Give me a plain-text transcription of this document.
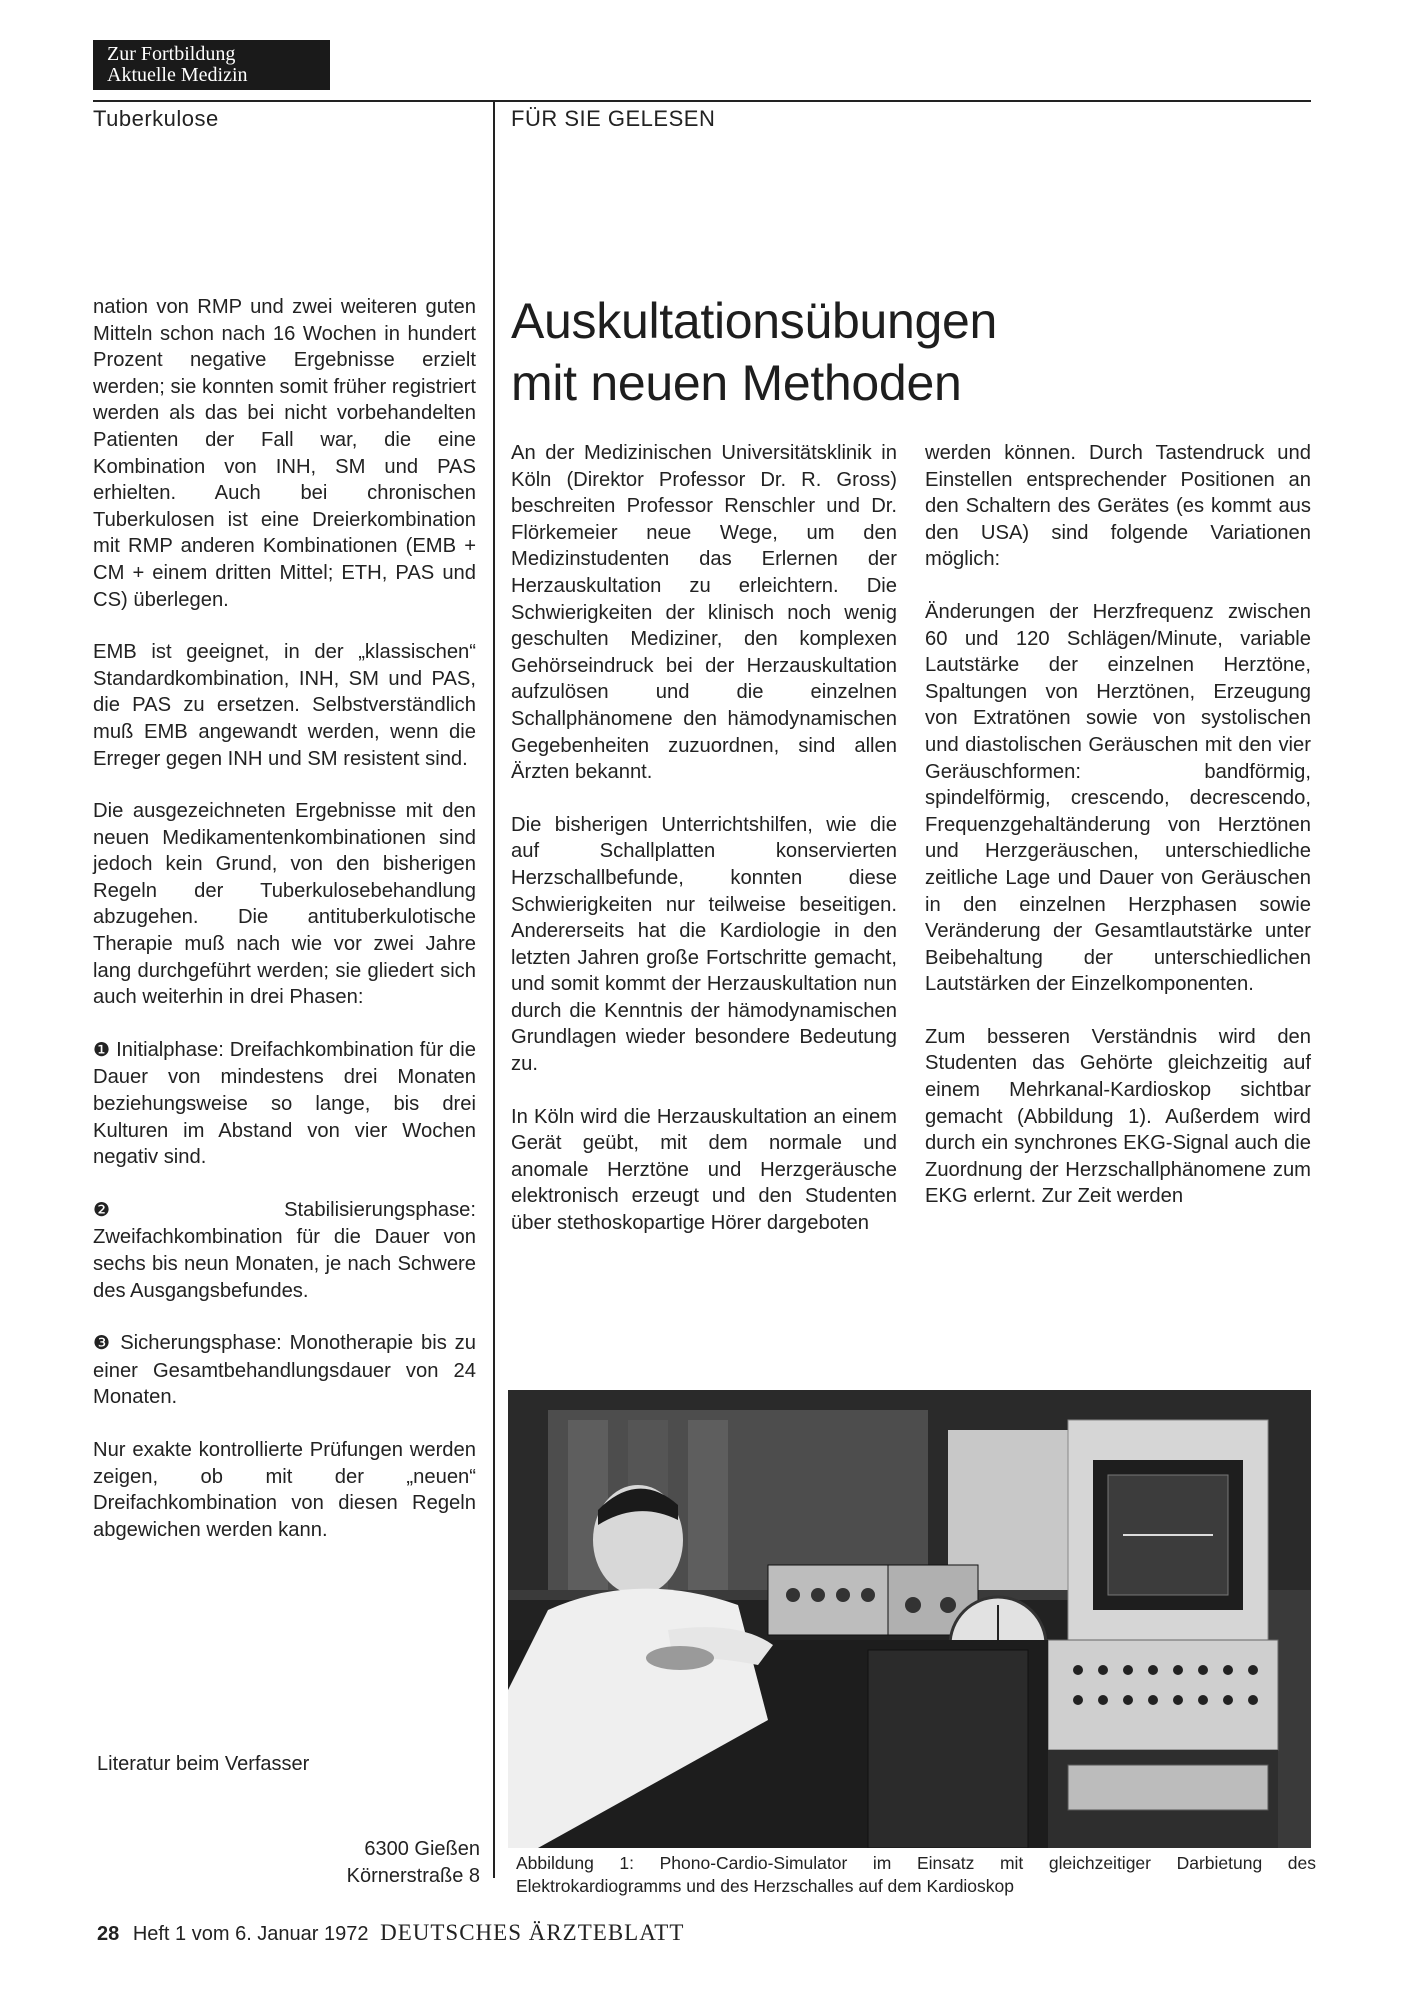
Zur Fortbildung
Aktuelle Medizin
Tuberkulose	FÜR SIE GELESEN

nation von RMP und zwei weiteren guten Mitteln schon nach 16 Wochen in hundert Prozent negative Ergebnisse erzielt werden; sie konnten somit früher registriert werden als das bei nicht vorbehandelten Patienten der Fall war, die eine Kombination von INH, SM und PAS erhielten. Auch bei chronischen Tuberkulosen ist eine Dreierkombination mit RMP anderen Kombinationen (EMB + CM + einem dritten Mittel; ETH, PAS und CS) überlegen.

EMB ist geeignet, in der „klassischen“ Standardkombination, INH, SM und PAS, die PAS zu ersetzen. Selbstverständlich muß EMB angewandt werden, wenn die Erreger gegen INH und SM resistent sind.

Die ausgezeichneten Ergebnisse mit den neuen Medikamentenkombinationen sind jedoch kein Grund, von den bisherigen Regeln der Tuberkulosebehandlung abzugehen. Die antituberkulotische Therapie muß nach wie vor zwei Jahre lang durchgeführt werden; sie gliedert sich auch weiterhin in drei Phasen:

❶ Initialphase: Dreifachkombination für die Dauer von mindestens drei Monaten beziehungsweise so lange, bis drei Kulturen im Abstand von vier Wochen negativ sind.

❷	Stabilisierungsphase: Zweifachkombination für die Dauer von sechs bis neun Monaten, je nach Schwere des Ausgangsbefundes.

❸ Sicherungsphase: Monotherapie bis zu einer Gesamtbehandlungsdauer von 24 Monaten.

Nur exakte kontrollierte Prüfungen werden zeigen, ob mit der „neuen“ Dreifachkombination von diesen Regeln abgewichen werden kann.

Literatur beim Verfasser
6300 Gießen
Körnerstraße 8
Auskultationsübungen
mit neuen Methoden

An der Medizinischen Universitätsklinik in Köln (Direktor Professor Dr. R. Gross) beschreiten Professor Renschler und Dr. Flörkemeier neue Wege, um den Medizinstudenten das Erlernen der Herzauskultation zu erleichtern. Die Schwierigkeiten der klinisch noch wenig geschulten Mediziner, den komplexen Gehörseindruck bei der Herzauskultation aufzulösen und die einzelnen Schallphänomene den hämodynamischen Gegebenheiten zuzuordnen, sind allen Ärzten bekannt.

Die bisherigen Unterrichtshilfen, wie die auf Schallplatten konservierten Herzschallbefunde, konnten diese Schwierigkeiten nur teilweise beseitigen. Andererseits hat die Kardiologie in den letzten Jahren große Fortschritte gemacht, und somit kommt der Herzauskultation nun durch die Kenntnis der hämodynamischen Grundlagen wieder besondere Bedeutung zu.

In Köln wird die Herzauskultation an einem Gerät geübt, mit dem normale und anomale Herztöne und Herzgeräusche elektronisch erzeugt und den Studenten über stethoskopartige Hörer dargeboten

werden können. Durch Tastendruck und Einstellen entsprechender Positionen an den Schaltern des Gerätes (es kommt aus den USA) sind folgende Variationen möglich:

Änderungen der Herzfrequenz zwischen 60 und 120 Schlägen/Minute, variable Lautstärke der einzelnen Herztöne, Spaltungen von Herztönen, Erzeugung von Extratönen sowie von systolischen und diastolischen Geräuschen mit den vier Geräuschformen: bandförmig, spindelförmig, crescendo, decrescendo, Frequenzgehaltänderung von Herztönen und Herzgeräuschen, unterschiedliche zeitliche Lage und Dauer von Geräuschen in den einzelnen Herzphasen sowie Veränderung der Gesamtlautstärke unter Beibehaltung der unterschiedlichen Lautstärken der Einzelkomponenten.

Zum besseren Verständnis wird den Studenten das Gehörte gleichzeitig auf einem Mehrkanal-Kardioskop sichtbar gemacht (Abbildung 1). Außerdem wird durch ein synchrones EKG-Signal auch die Zuordnung der Herzschallphänomene zum EKG erlernt. Zur Zeit werden

Abbildung 1: Phono-Cardio-Simulator im Einsatz mit gleichzeitiger Darbietung des Elektrokardiogramms und des Herzschalles auf dem Kardioskop
28 Heft 1 vom 6. Januar 1972 DEUTSCHES ÄRZTEBLATT
